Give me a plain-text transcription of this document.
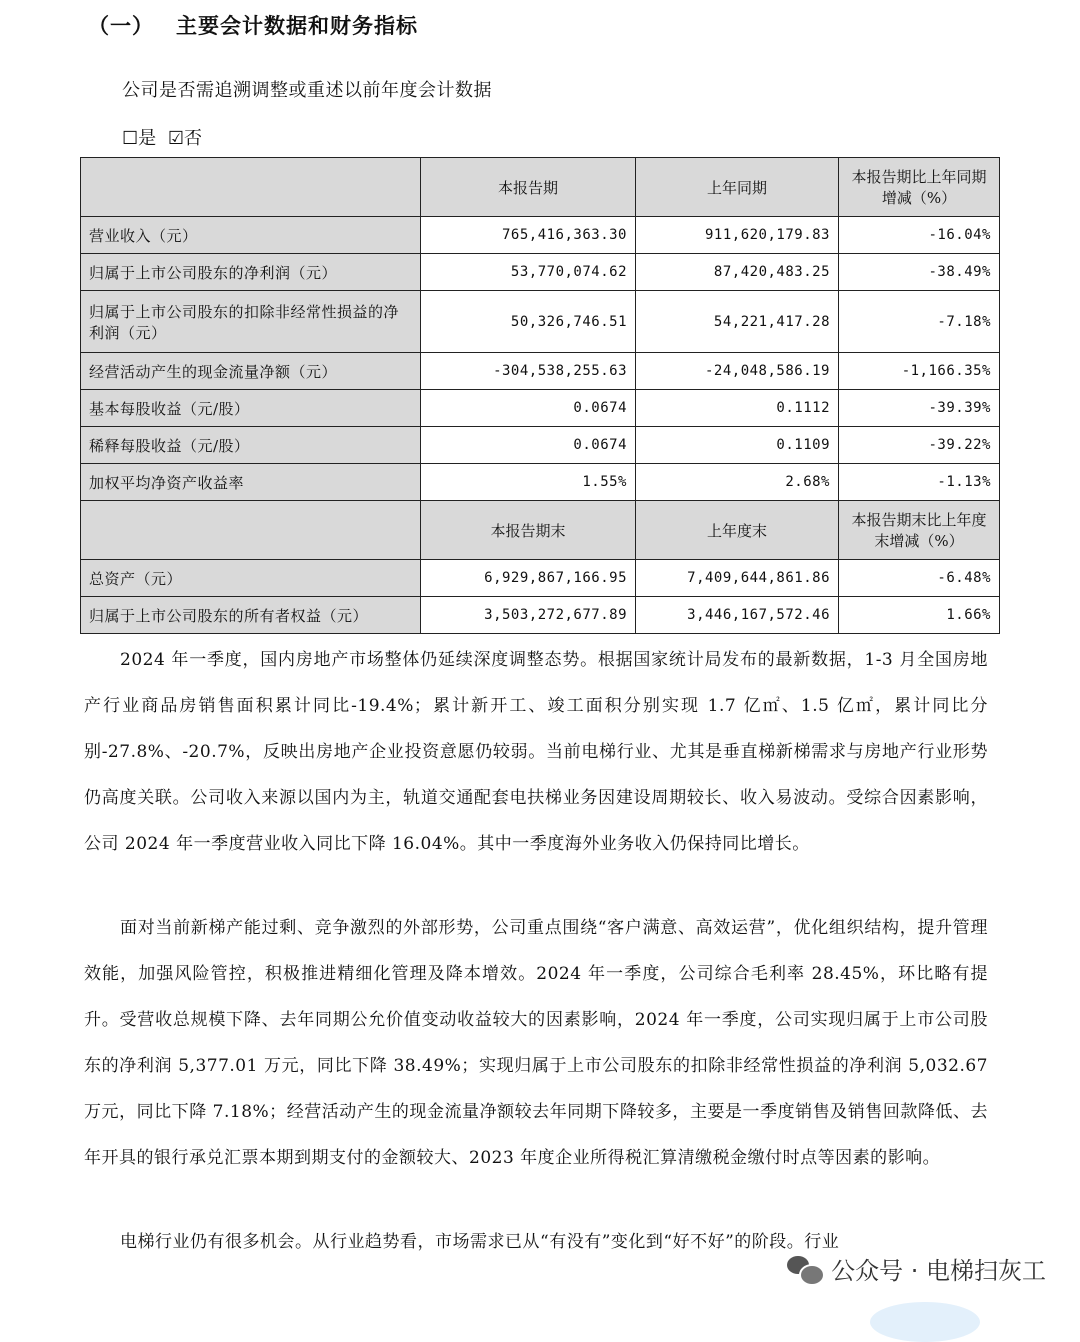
（一） 主要会计数据和财务指标
公司是否需追溯调整或重述以前年度会计数据
☐是 ☑否
	本报告期	上年同期	本报告期比上年同期增减（%）
营业收入（元）	765,416,363.30	911,620,179.83	-16.04%
归属于上市公司股东的净利润（元）	53,770,074.62	87,420,483.25	-38.49%
归属于上市公司股东的扣除非经常性损益的净利润（元）	50,326,746.51	54,221,417.28	-7.18%
经营活动产生的现金流量净额（元）	-304,538,255.63	-24,048,586.19	-1,166.35%
基本每股收益（元/股）	0.0674	0.1112	-39.39%
稀释每股收益（元/股）	0.0674	0.1109	-39.22%
加权平均净资产收益率	1.55%	2.68%	-1.13%
	本报告期末	上年度末	本报告期末比上年度末增减（%）
总资产（元）	6,929,867,166.95	7,409,644,861.86	-6.48%
归属于上市公司股东的所有者权益（元）	3,503,272,677.89	3,446,167,572.46	1.66%

2024 年一季度，国内房地产市场整体仍延续深度调整态势。根据国家统计局发布的最新数据，1-3 月全国房地产行业商品房销售面积累计同比-19.4%；累计新开工、竣工面积分别实现 1.7 亿㎡、1.5 亿㎡，累计同比分别-27.8%、-20.7%，反映出房地产企业投资意愿仍较弱。当前电梯行业、尤其是垂直梯新梯需求与房地产行业形势仍高度关联。公司收入来源以国内为主，轨道交通配套电扶梯业务因建设周期较长、收入易波动。受综合因素影响，公司 2024 年一季度营业收入同比下降 16.04%。其中一季度海外业务收入仍保持同比增长。

面对当前新梯产能过剩、竞争激烈的外部形势，公司重点围绕“客户满意、高效运营”，优化组织结构，提升管理效能，加强风险管控，积极推进精细化管理及降本增效。2024 年一季度，公司综合毛利率 28.45%，环比略有提升。受营收总规模下降、去年同期公允价值变动收益较大的因素影响，2024 年一季度，公司实现归属于上市公司股东的净利润 5,377.01 万元，同比下降 38.49%；实现归属于上市公司股东的扣除非经常性损益的净利润 5,032.67 万元，同比下降 7.18%；经营活动产生的现金流量净额较去年同期下降较多，主要是一季度销售及销售回款降低、去年开具的银行承兑汇票本期到期支付的金额较大、2023 年度企业所得税汇算清缴税金缴付时点等因素的影响。

电梯行业仍有很多机会。从行业趋势看，市场需求已从“有没有”变化到“好不好”的阶段。行业

公众号 · 电梯扫灰工
